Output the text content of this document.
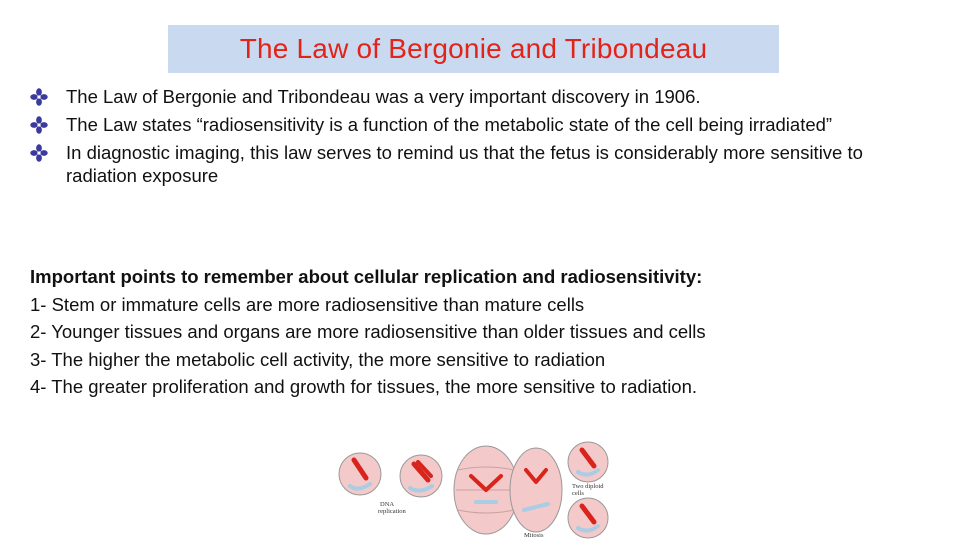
The Law of Bergonie and Tribondeau
The Law of Bergonie and Tribondeau was a very important discovery in 1906.
The Law states “radiosensitivity is a function of the metabolic state of the cell being irradiated”
In diagnostic imaging, this law serves to remind us that the fetus is considerably more sensitive to radiation exposure
Important points to remember about cellular replication and radiosensitivity:
1- Stem or immature cells are more radiosensitive than mature cells
2- Younger tissues and organs are more radiosensitive than older tissues and cells
3- The higher the metabolic cell activity, the more sensitive to radiation
4- The greater proliferation and growth for tissues, the more sensitive to radiation.
DNA
replication
Mitosis
Two diploid
cells
